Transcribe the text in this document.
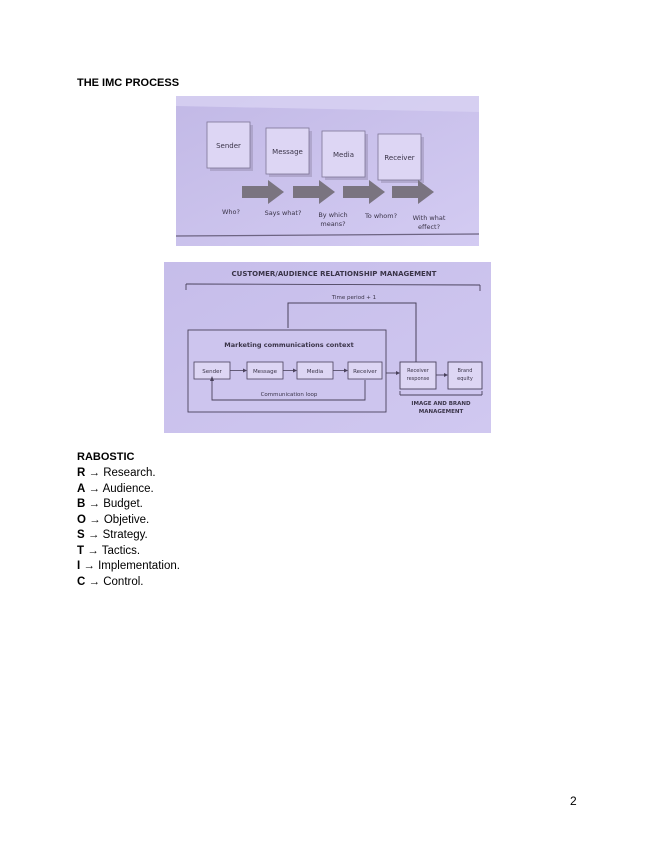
THE IMC PROCESS
Sender
Message	Media	Receiver
Who?	Says what?	By which
means?
To whom? With what
effect?
CUSTOMER/AUDIENCE RELATIONSHIP MANAGEMENT
Time period + 1
Marketing communications context
Sender	Message	Media	Receiver
Communication loop
Receiver
response
Brand
equity
IMAGE AND BRAND
MANAGEMENT
RABOSTIC
R → Research.
A → Audience.
B → Budget.
O → Objetive.
S → Strategy.
T → Tactics.
I → Implementation.
C → Control.
2
